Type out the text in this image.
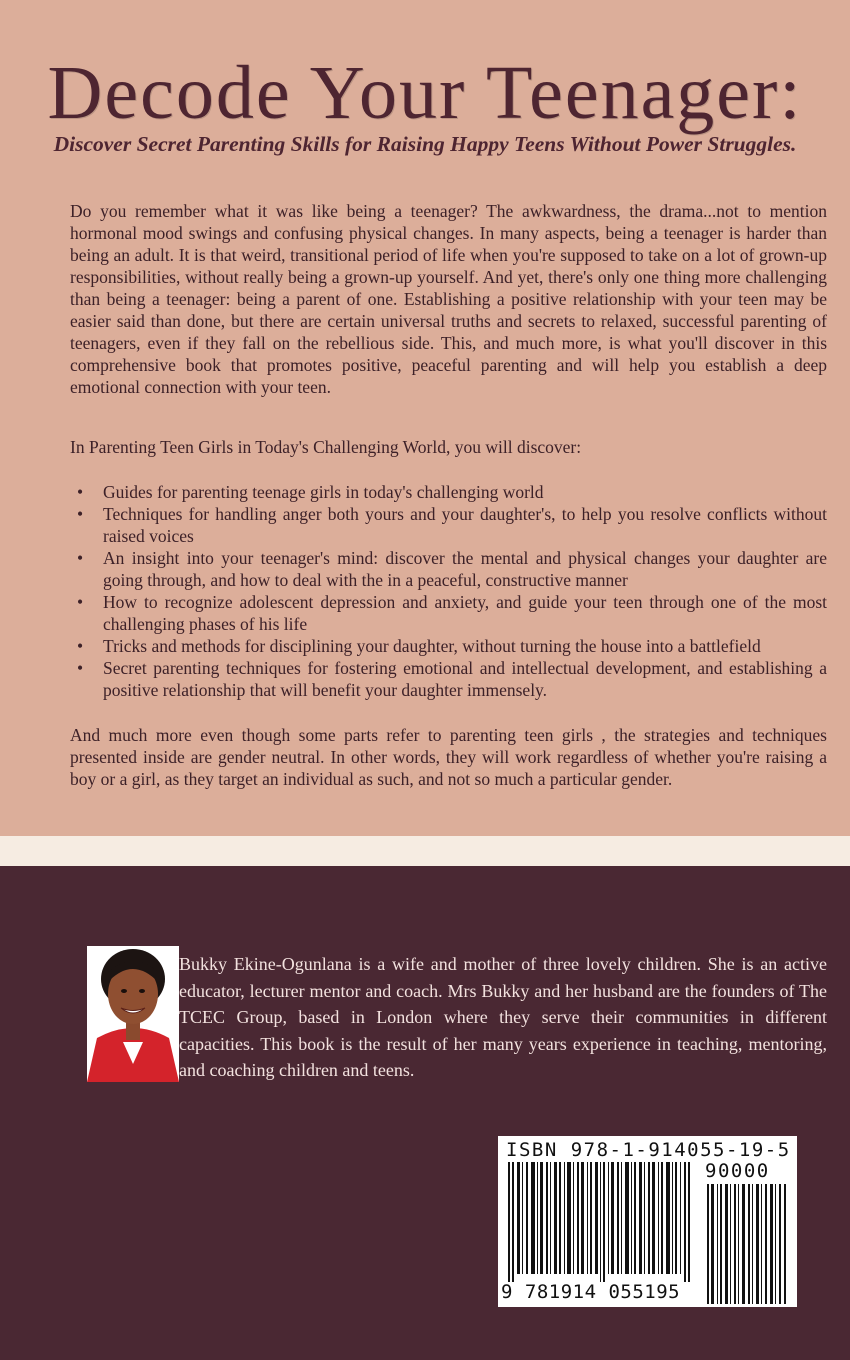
Decode Your Teenager:
Discover Secret Parenting Skills for Raising Happy Teens Without Power Struggles.

Do you remember what it was like being a teenager? The awkwardness, the drama...not to mention hormonal mood swings and confusing physical changes. In many aspects, being a teenager is harder than being an adult. It is that weird, transitional period of life when you're supposed to take on a lot of grown-up responsibilities, without really being a grown-up yourself. And yet, there's only one thing more challenging than being a teenager: being a parent of one. Establishing a positive relationship with your teen may be easier said than done, but there are certain universal truths and secrets to relaxed, successful parenting of teenagers, even if they fall on the rebellious side. This, and much more, is what you'll discover in this comprehensive book that promotes positive, peaceful parenting and will help you establish a deep emotional connection with your teen.

In Parenting Teen Girls in Today's Challenging World, you will discover:

• Guides for parenting teenage girls in today's challenging world
• Techniques for handling anger both yours and your daughter's, to help you resolve conflicts without raised voices
• An insight into your teenager's mind: discover the mental and physical changes your daughter are going through, and how to deal with the in a peaceful, constructive manner
• How to recognize adolescent depression and anxiety, and guide your teen through one of the most challenging phases of his life
• Tricks and methods for disciplining your daughter, without turning the house into a battlefield
• Secret parenting techniques for fostering emotional and intellectual development, and establishing a positive relationship that will benefit your daughter immensely.

And much more even though some parts refer to parenting teen girls , the strategies and techniques presented inside are gender neutral. In other words, they will work regardless of whether you're raising a boy or a girl, as they target an individual as such, and not so much a particular gender.

Bukky Ekine-Ogunlana is a wife and mother of three lovely children. She is an active educator, lecturer mentor and coach. Mrs Bukky and her husband are the founders of The TCEC Group, based in London where they serve their communities in different capacities. This book is the result of her many years experience in teaching, mentoring, and coaching children and teens.

ISBN 978-1-914055-19-5

90000

9 781914 055195
